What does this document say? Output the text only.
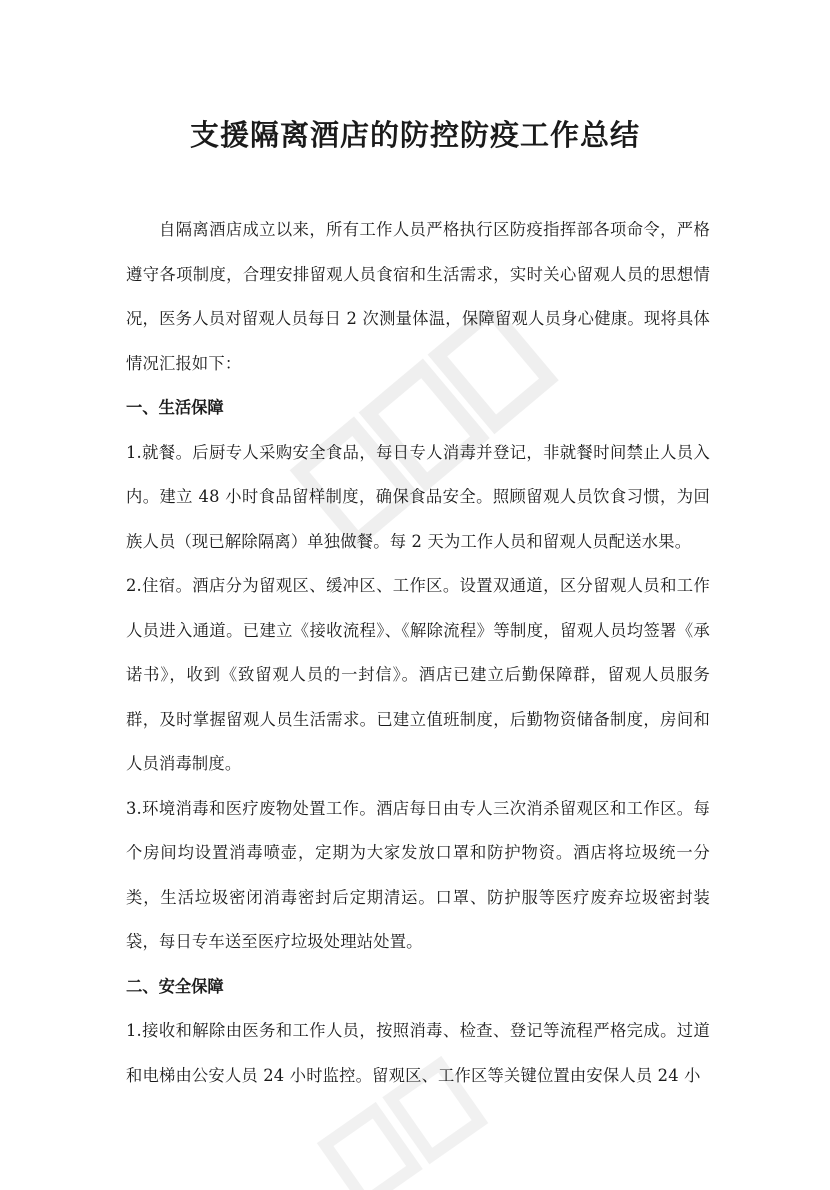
支援隔离酒店的防控防疫工作总结

自隔离酒店成立以来，所有工作人员严格执行区防疫指挥部各项命令，严格遵守各项制度，合理安排留观人员食宿和生活需求，实时关心留观人员的思想情况，医务人员对留观人员每日 2 次测量体温，保障留观人员身心健康。现将具体情况汇报如下：

一、生活保障

1.就餐。后厨专人采购安全食品，每日专人消毒并登记，非就餐时间禁止人员入内。建立 48 小时食品留样制度，确保食品安全。照顾留观人员饮食习惯，为回族人员（现已解除隔离）单独做餐。每 2 天为工作人员和留观人员配送水果。

2.住宿。酒店分为留观区、缓冲区、工作区。设置双通道，区分留观人员和工作人员进入通道。已建立《接收流程》、《解除流程》等制度，留观人员均签署《承诺书》，收到《致留观人员的一封信》。酒店已建立后勤保障群，留观人员服务群，及时掌握留观人员生活需求。已建立值班制度，后勤物资储备制度，房间和人员消毒制度。

3.环境消毒和医疗废物处置工作。酒店每日由专人三次消杀留观区和工作区。每个房间均设置消毒喷壶，定期为大家发放口罩和防护物资。酒店将垃圾统一分类，生活垃圾密闭消毒密封后定期清运。口罩、防护服等医疗废弃垃圾密封装袋，每日专车送至医疗垃圾处理站处置。

二、安全保障

1.接收和解除由医务和工作人员，按照消毒、检查、登记等流程严格完成。过道和电梯由公安人员 24 小时监控。留观区、工作区等关键位置由安保人员 24 小
